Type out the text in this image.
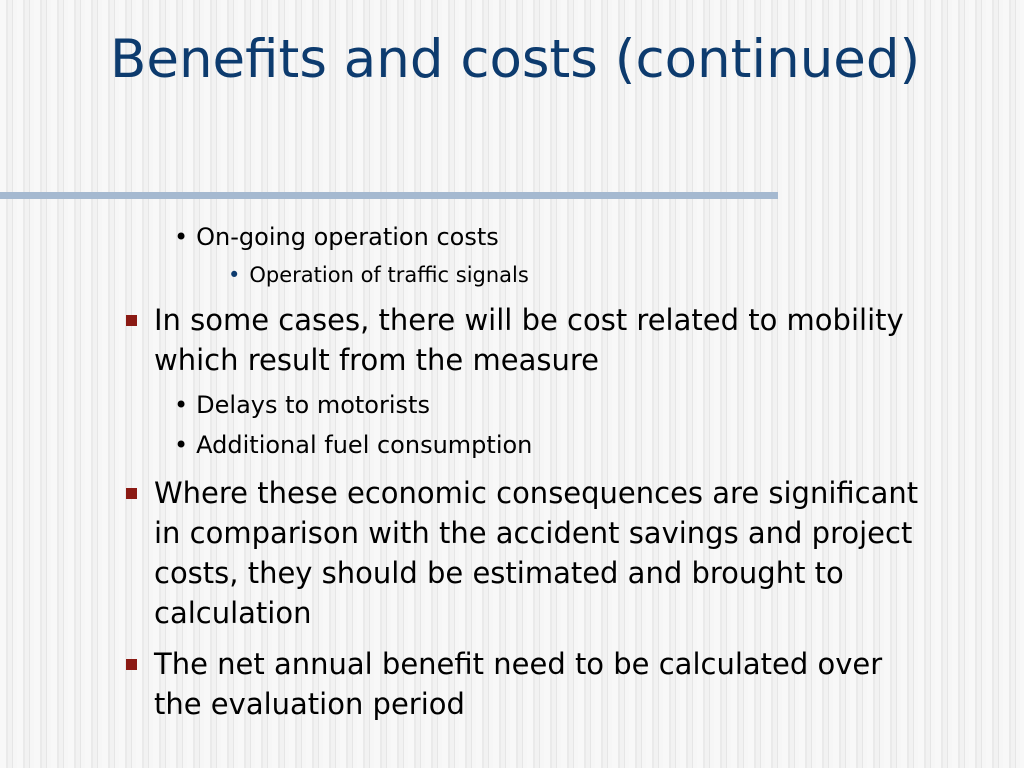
Benefits and costs (continued)
• On-going operation costs
• Operation of traffic signals
In some cases, there will be cost related to mobility which result from the measure
• Delays to motorists
• Additional fuel consumption
Where these economic consequences are significant in comparison with the accident savings and project costs, they should be estimated and brought to calculation
The net annual benefit need to be calculated over the evaluation period
